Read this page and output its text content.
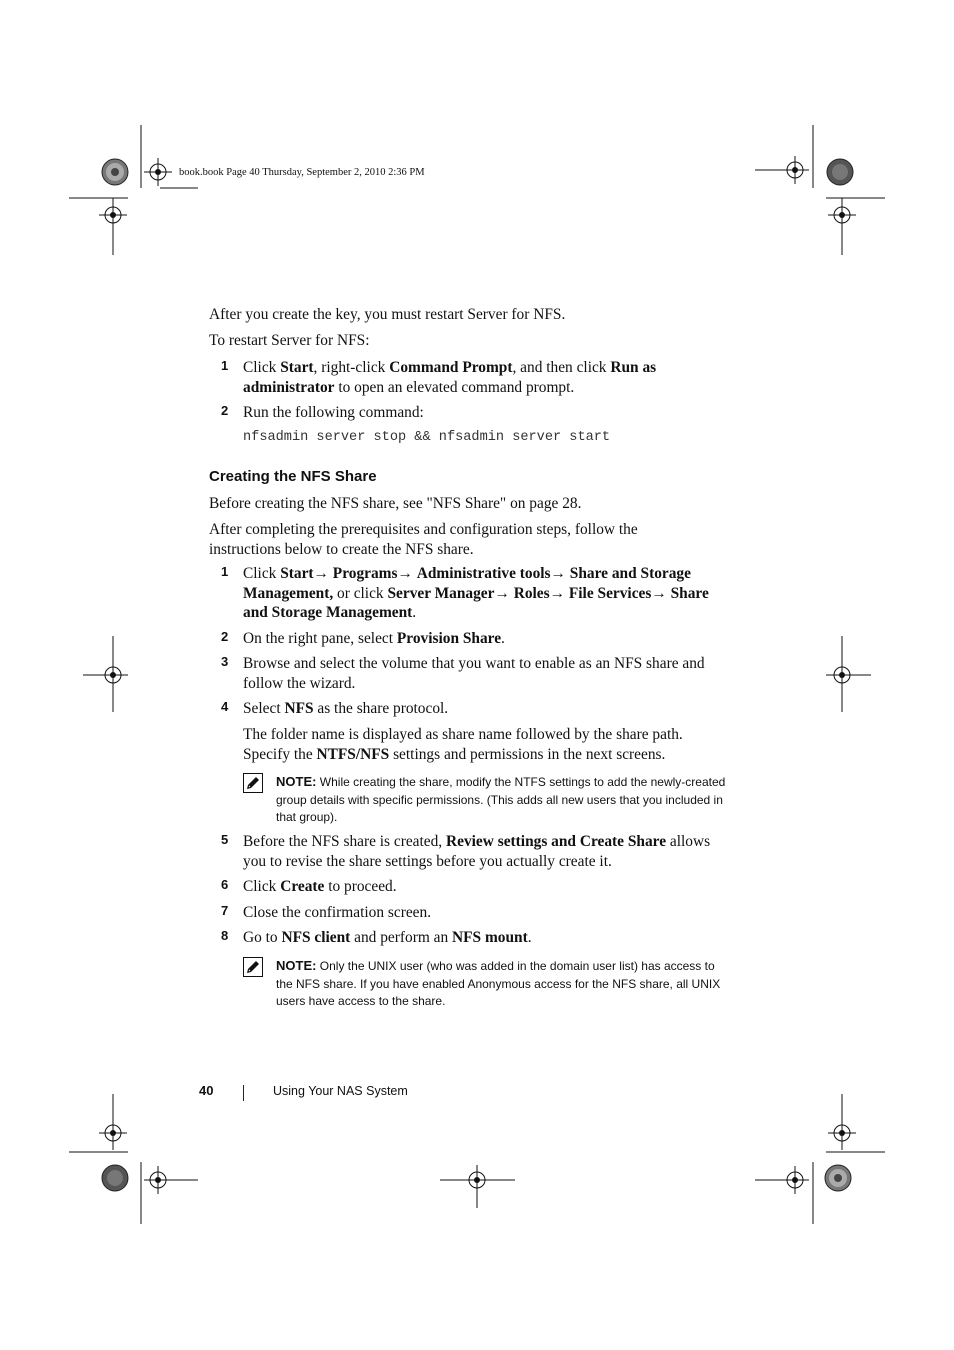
book.book Page 40 Thursday, September 2, 2010 2:36 PM

After you create the key, you must restart Server for NFS.

To restart Server for NFS:

1 Click Start, right-click Command Prompt, and then click Run as administrator to open an elevated command prompt.

2 Run the following command:

nfsadmin server stop && nfsadmin server start
Creating the NFS Share

Before creating the NFS share, see "NFS Share" on page 28.

After completing the prerequisites and configuration steps, follow the instructions below to create the NFS share.

1 Click Start→ Programs→ Administrative tools→ Share and Storage Management, or click Server Manager→ Roles→ File Services→ Share and Storage Management.

2 On the right pane, select Provision Share.

3 Browse and select the volume that you want to enable as an NFS share and follow the wizard.

4 Select NFS as the share protocol.

The folder name is displayed as share name followed by the share path. Specify the NTFS/NFS settings and permissions in the next screens.

NOTE: While creating the share, modify the NTFS settings to add the newly-created group details with specific permissions. (This adds all new users that you included in that group).

5 Before the NFS share is created, Review settings and Create Share allows you to revise the share settings before you actually create it.

6 Click Create to proceed.

7 Close the confirmation screen.

8 Go to NFS client and perform an NFS mount.

NOTE: Only the UNIX user (who was added in the domain user list) has access to the NFS share. If you have enabled Anonymous access for the NFS share, all UNIX users have access to the share.

40	Using Your NAS System
